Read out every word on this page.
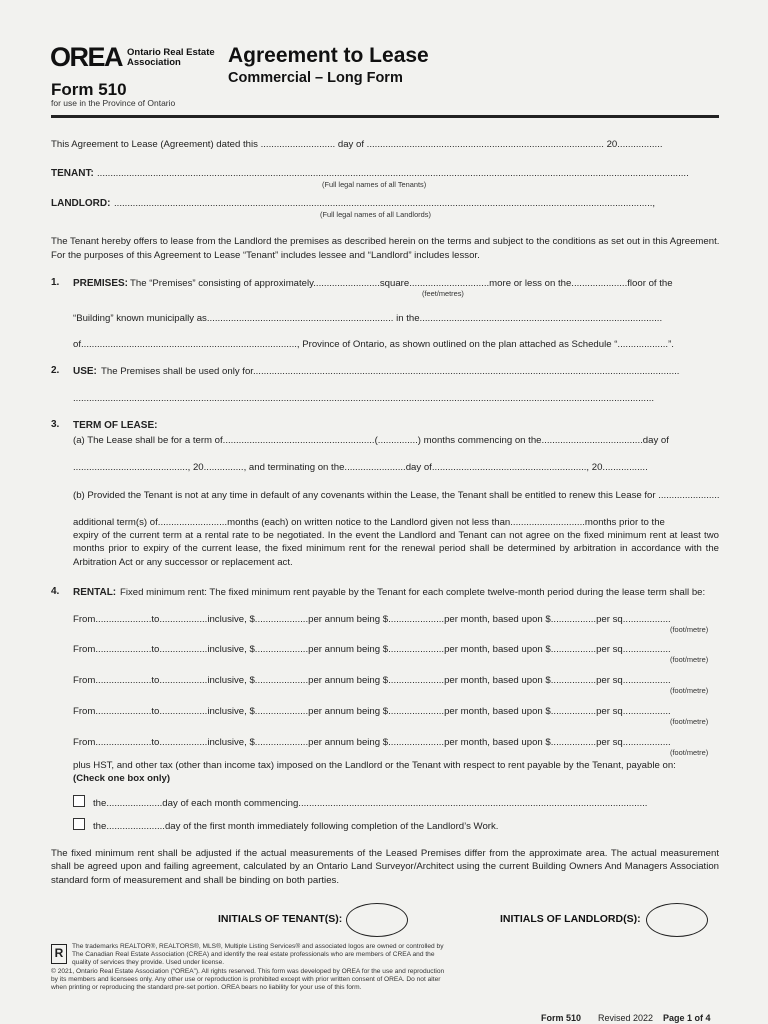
OREA Ontario Real Estate
Association
Form 510
for use in the Province of Ontario
Agreement to Lease
Commercial – Long Form
This Agreement to Lease (Agreement) dated this ............................ day of ......................................................................................... 20.................
TENANT: ..............................................................................................................................................................................................................................
(Full legal names of all Tenants)
LANDLORD: ..........................................................................................................................................................................................................,
(Full legal names of all Landlords)
The Tenant hereby offers to lease from the Landlord the premises as described herein on the terms and subject to the conditions as set out in this Agreement.
For the purposes of this Agreement to Lease “Tenant” includes lessee and “Landlord” includes lessor.
1. PREMISES: The “Premises” consisting of approximately.........................square..............................more or less on the.....................floor of the
(feet/metres)
“Building” known municipally as...................................................................... in the...........................................................................................
of................................................................................., Province of Ontario, as shown outlined on the plan attached as Schedule “...................”.
2. USE: The Premises shall be used only for................................................................................................................................................................
..........................................................................................................................................................................................................................
3. TERM OF LEASE:
(a) The Lease shall be for a term of.........................................................(...............) months commencing on the......................................day of
..........................................., 20..............., and terminating on the.......................day of.........................................................., 20.................
(b) Provided the Tenant is not at any time in default of any covenants within the Lease, the Tenant shall be entitled to renew this Lease for .......................
additional term(s) of..........................months (each) on written notice to the Landlord given not less than............................months prior to the
expiry of the current term at a rental rate to be negotiated. In the event the Landlord and Tenant can not agree on the fixed minimum rent at least two months prior to expiry of the current lease, the fixed minimum rent for the renewal period shall be determined by arbitration in accordance with the Arbitration Act or any successor or replacement act.
4. RENTAL: Fixed minimum rent: The fixed minimum rent payable by the Tenant for each complete twelve-month period during the lease term shall be:
From.....................to..................inclusive, $....................per annum being $.....................per month, based upon $.................per sq..................
(foot/metre)
From.....................to..................inclusive, $....................per annum being $.....................per month, based upon $.................per sq..................
(foot/metre)
From.....................to..................inclusive, $....................per annum being $.....................per month, based upon $.................per sq..................
(foot/metre)
From.....................to..................inclusive, $....................per annum being $.....................per month, based upon $.................per sq..................
(foot/metre)
From.....................to..................inclusive, $....................per annum being $.....................per month, based upon $.................per sq..................
(foot/metre)
plus HST, and other tax (other than income tax) imposed on the Landlord or the Tenant with respect to rent payable by the Tenant, payable on:
(Check one box only)
the.....................day of each month commencing...................................................................................................................................
the......................day of the first month immediately following completion of the Landlord’s Work.
The fixed minimum rent shall be adjusted if the actual measurements of the Leased Premises differ from the approximate area. The actual measurement shall be agreed upon and failing agreement, calculated by an Ontario Land Surveyor/Architect using the current Building Owners And Managers Association standard form of measurement and shall be binding on both parties.
INITIALS OF TENANT(S):	INITIALS OF LANDLORD(S):
R	The trademarks REALTOR®, REALTORS®, MLS®, Multiple Listing Services® and associated logos are owned or controlled by
The Canadian Real Estate Association (CREA) and identify the real estate professionals who are members of CREA and the
quality of services they provide. Used under license.
© 2021, Ontario Real Estate Association (“OREA”). All rights reserved. This form was developed by OREA for the use and reproduction
by its members and licensees only. Any other use or reproduction is prohibited except with prior written consent of OREA. Do not alter
when printing or reproducing the standard pre-set portion. OREA bears no liability for your use of this form.
Form 510 Revised 2022 Page 1 of 4
